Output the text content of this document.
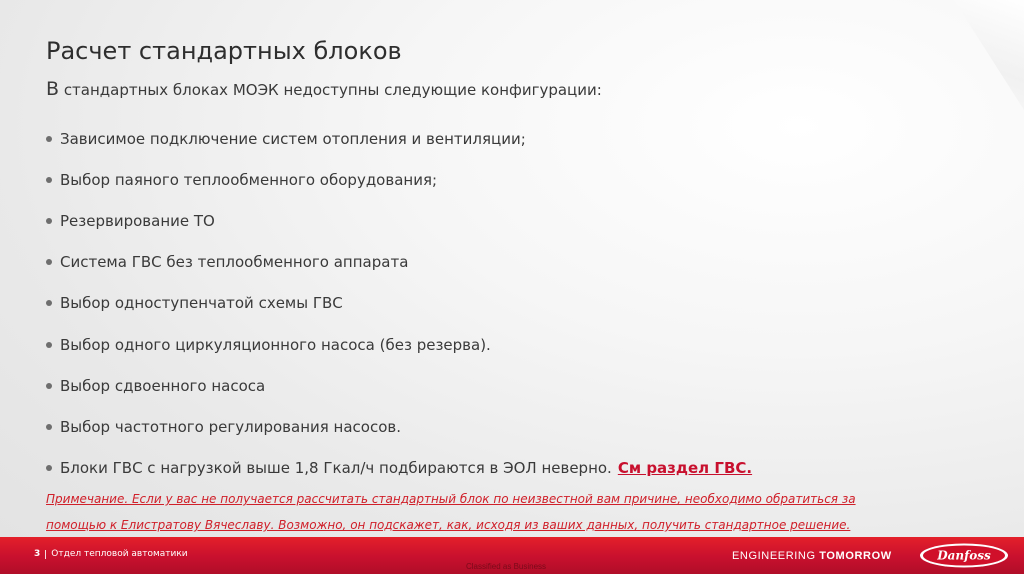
Расчет стандартных блоков
В стандартных блоках МОЭК недоступны следующие конфигурации:
Зависимое подключение систем отопления и вентиляции;
Выбор паяного теплообменного оборудования;
Резервирование ТО
Система ГВС без теплообменного аппарата
Выбор одноступенчатой схемы ГВС
Выбор одного циркуляционного насоса (без резерва).
Выбор сдвоенного насоса
Выбор частотного регулирования насосов.
Блоки ГВС с нагрузкой выше 1,8 Гкал/ч подбираются в ЭОЛ неверно. См раздел ГВС.
Примечание. Если у вас не получается рассчитать стандартный блок по неизвестной вам причине, необходимо обратиться за
помощью к Елистратову Вячеславу. Возможно, он подскажет, как, исходя из ваших данных, получить стандартное решение.
3 Отдел тепловой автоматики
Classified as Business
ENGINEERING TOMORROW	Danfoss
